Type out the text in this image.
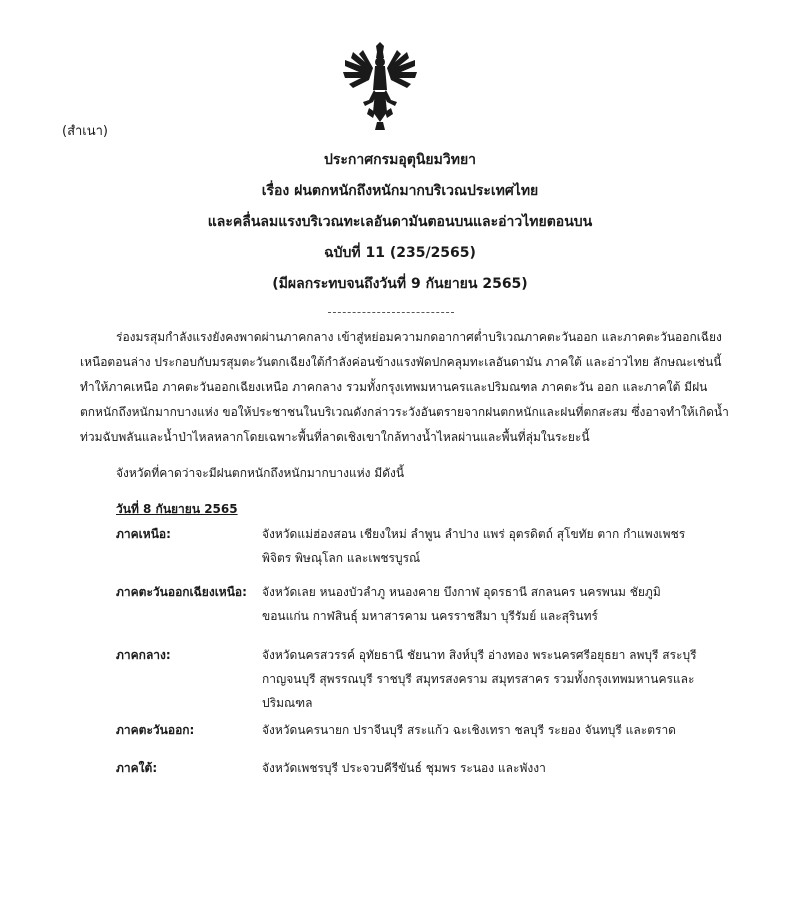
(สำเนา)
ประกาศกรมอุตุนิยมวิทยา
เรื่อง ฝนตกหนักถึงหนักมากบริเวณประเทศไทย
และคลื่นลมแรงบริเวณทะเลอันดามันตอนบนและอ่าวไทยตอนบน
ฉบับที่ 11 (235/2565)
(มีผลกระทบจนถึงวันที่ 9 กันยายน 2565)

ร่องมรสุมกำลังแรงยังคงพาดผ่านภาคกลาง เข้าสู่หย่อมความกดอากาศต่ำบริเวณภาคตะวันออก และภาคตะวันออกเฉียงเหนือตอนล่าง ประกอบกับมรสุมตะวันตกเฉียงใต้กำลังค่อนข้างแรงพัดปกคลุมทะเลอันดามัน ภาคใต้ และอ่าวไทย ลักษณะเช่นนี้ทำให้ภาคเหนือ ภาคตะวันออกเฉียงเหนือ ภาคกลาง รวมทั้งกรุงเทพมหานครและปริมณฑล ภาคตะวัน ออก และภาคใต้ มีฝนตกหนักถึงหนักมากบางแห่ง ขอให้ประชาชนในบริเวณดังกล่าวระวังอันตรายจากฝนตกหนักและฝนที่ตกสะสม ซึ่งอาจทำให้เกิดน้ำท่วมฉับพลันและน้ำป่าไหลหลากโดยเฉพาะพื้นที่ลาดเชิงเขาใกล้ทางน้ำไหลผ่านและพื้นที่ลุ่มในระยะนี้

จังหวัดที่คาดว่าจะมีฝนตกหนักถึงหนักมากบางแห่ง มีดังนี้
วันที่ 8 กันยายน 2565
ภาคเหนือ:	จังหวัดแม่ฮ่องสอน เชียงใหม่ ลำพูน ลำปาง แพร่ อุตรดิตถ์ สุโขทัย ตาก กำแพงเพชร พิจิตร พิษณุโลก และเพชรบูรณ์
ภาคตะวันออกเฉียงเหนือ:	จังหวัดเลย หนองบัวลำภู หนองคาย บึงกาฬ อุดรธานี สกลนคร นครพนม ชัยภูมิ ขอนแก่น กาฬสินธุ์ มหาสารคาม นครราชสีมา บุรีรัมย์ และสุรินทร์
ภาคกลาง:	จังหวัดนครสวรรค์ อุทัยธานี ชัยนาท สิงห์บุรี อ่างทอง พระนครศรีอยุธยา ลพบุรี สระบุรี กาญจนบุรี สุพรรณบุรี ราชบุรี สมุทรสงคราม สมุทรสาคร รวมทั้งกรุงเทพมหานครและปริมณฑล
ภาคตะวันออก:	จังหวัดนครนายก ปราจีนบุรี สระแก้ว ฉะเชิงเทรา ชลบุรี ระยอง จันทบุรี และตราด
ภาคใต้:	จังหวัดเพชรบุรี ประจวบคีรีขันธ์ ชุมพร ระนอง และพังงา
